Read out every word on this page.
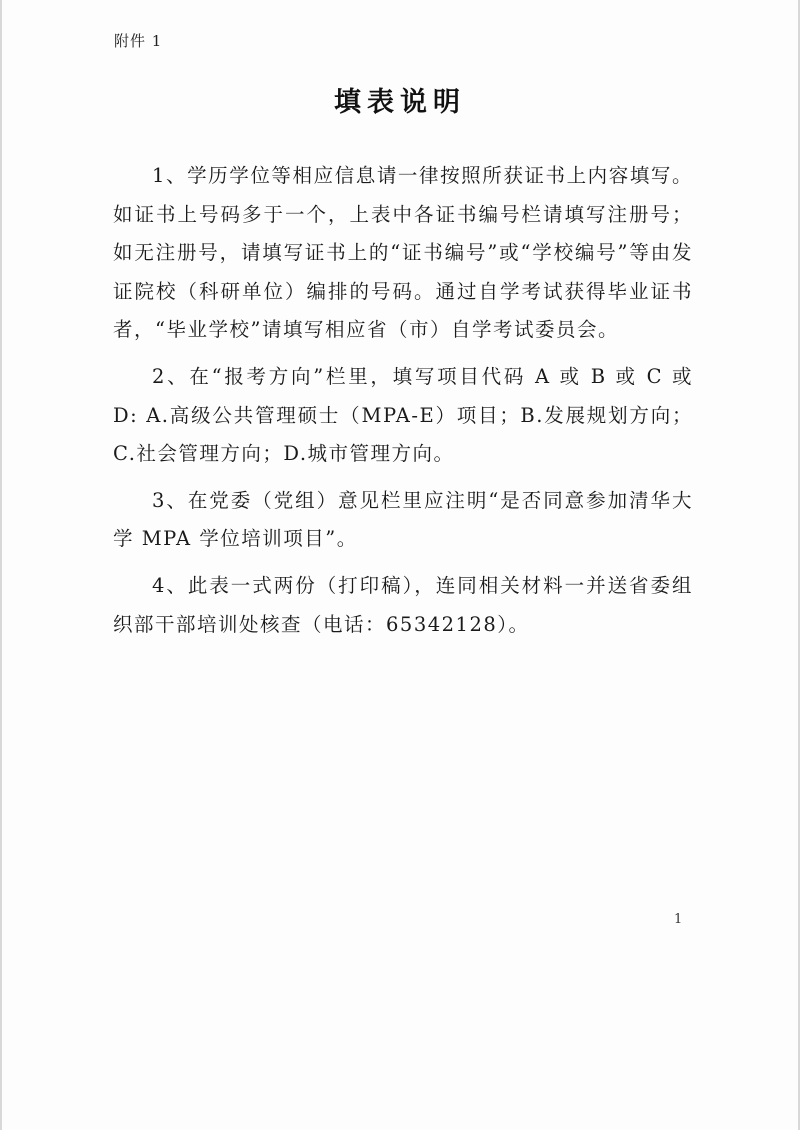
附件 1
填表说明

1、学历学位等相应信息请一律按照所获证书上内容填写。如证书上号码多于一个，上表中各证书编号栏请填写注册号；如无注册号，请填写证书上的“证书编号”或“学校编号”等由发证院校（科研单位）编排的号码。通过自学考试获得毕业证书者，“毕业学校”请填写相应省（市）自学考试委员会。

2、在“报考方向”栏里，填写项目代码 A 或 B 或 C 或 D: A.高级公共管理硕士（MPA-E）项目；B.发展规划方向；C.社会管理方向；D.城市管理方向。

3、在党委（党组）意见栏里应注明“是否同意参加清华大学 MPA 学位培训项目”。

4、此表一式两份（打印稿），连同相关材料一并送省委组织部干部培训处核查（电话：65342128）。

1
